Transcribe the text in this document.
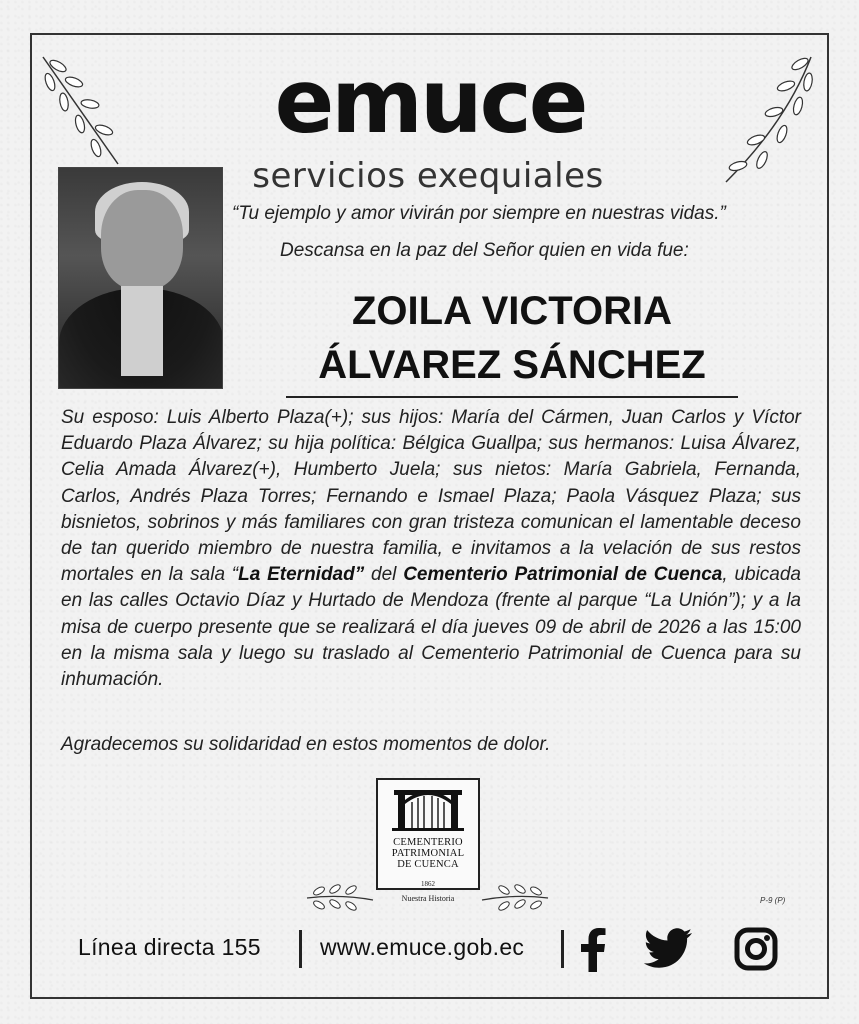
emuce
servicios exequiales
“Tu ejemplo y amor vivirán por siempre en nuestras vidas.”
Descansa en la paz del Señor quien en vida fue:
ZOILA VICTORIA
ÁLVAREZ SÁNCHEZ
Su esposo: Luis Alberto Plaza(+); sus hijos: María del Cármen, Juan Carlos y Víctor Eduardo Plaza Álvarez; su hija política: Bélgica Guallpa; sus hermanos: Luisa Álvarez, Celia Amada Álvarez(+), Humberto Juela; sus nietos: María Gabriela, Fernanda, Carlos, Andrés Plaza Torres; Fernando e Ismael Plaza; Paola Vásquez Plaza; sus bisnietos, sobrinos y más familiares con gran tristeza comunican el lamentable deceso de tan querido miembro de nuestra familia, e invitamos a la velación de sus restos mortales en la sala “La Eternidad” del Cementerio Patrimonial de Cuenca, ubicada en las calles Octavio Díaz y Hurtado de Mendoza (frente al parque “La Unión”); y a la misa de cuerpo presente que se realizará el día jueves 09 de abril de 2026 a las 15:00 en la misma sala y luego su traslado al Cementerio Patrimonial de Cuenca para su inhumación.
Agradecemos su solidaridad en estos momentos de dolor.
CEMENTERIO
PATRIMONIAL
DE CUENCA
1862
Nuestra Historia	P-9 (P)
Línea directa 155	www.emuce.gob.ec
